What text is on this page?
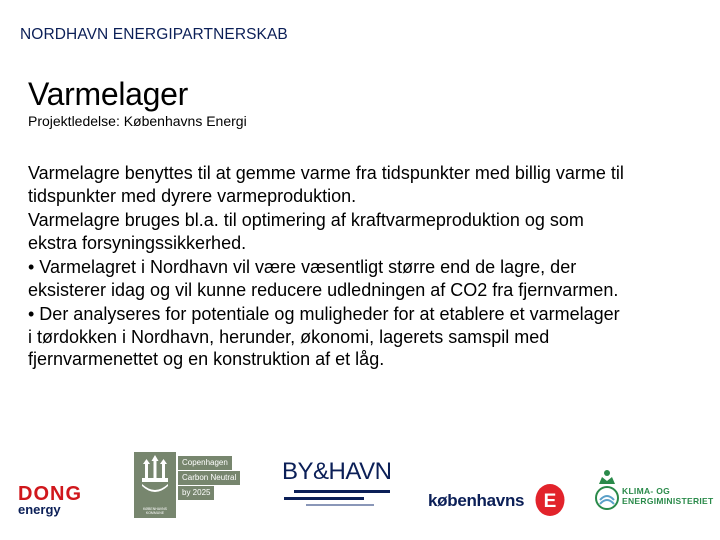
NORDHAVN ENERGIPARTNERSKAB
Varmelager
Projektledelse: Københavns Energi

Varmelagre benyttes til at gemme varme fra tidspunkter med billig varme til tidspunkter med dyrere varmeproduktion.

Varmelagre bruges bl.a. til optimering af kraftvarmeproduktion og som ekstra forsyningssikkerhed.

• Varmelagret i Nordhavn vil være væsentligt større end de lagre, der eksisterer idag og vil kunne reducere udledningen af CO2 fra fjernvarmen.

• Der analyseres for potentiale og muligheder for at etablere et varmelager i tørdokken i Nordhavn, herunder, økonomi, lagerets samspil med fjernvarmenettet og en konstruktion af et låg.

DONG
energy	KØBENHAVNS KOMMUNE
Copenhagen
Carbon Neutral
by 2025
BY&HAVN
københavns E	KLIMA- OG
ENERGIMINISTERIET
